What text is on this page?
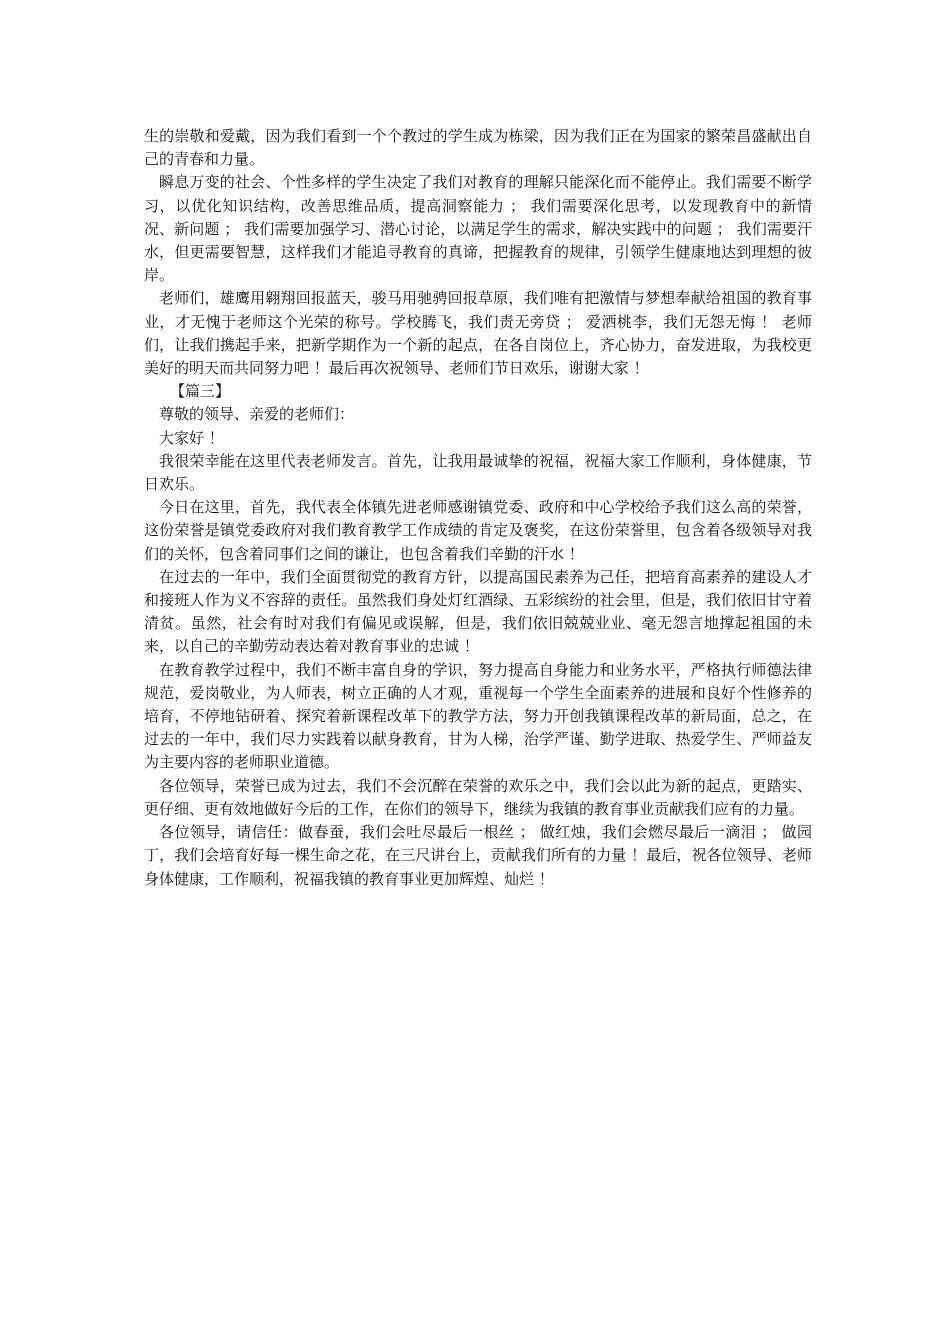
生的崇敬和爱戴，因为我们看到一个个教过的学生成为栋梁，因为我们正在为国家的繁荣昌盛献出自己的青春和力量。

瞬息万变的社会、个性多样的学生决定了我们对教育的理解只能深化而不能停止。我们需要不断学习，以优化知识结构，改善思维品质，提高洞察能力 ； 我们需要深化思考，以发现教育中的新情况、新问题 ； 我们需要加强学习、潜心讨论，以满足学生的需求，解决实践中的问题 ； 我们需要汗水，但更需要智慧，这样我们才能追寻教育的真谛，把握教育的规律，引领学生健康地达到理想的彼岸。

老师们，雄鹰用翱翔回报蓝天，骏马用驰骋回报草原，我们唯有把激情与梦想奉献给祖国的教育事业，才无愧于老师这个光荣的称号。学校腾飞，我们责无旁贷 ； 爱洒桃李，我们无怨无悔 ！ 老师们，让我们携起手来，把新学期作为一个新的起点，在各自岗位上，齐心协力，奋发进取，为我校更美好的明天而共同努力吧 ！最后再次祝领导、老师们节日欢乐，谢谢大家 ！

【篇三】

尊敬的领导、亲爱的老师们：

大家好 ！

我很荣幸能在这里代表老师发言。首先，让我用最诚挚的祝福，祝福大家工作顺利，身体健康，节日欢乐。

今日在这里，首先，我代表全体镇先进老师感谢镇党委、政府和中心学校给予我们这么高的荣誉，这份荣誉是镇党委政府对我们教育教学工作成绩的肯定及褒奖，在这份荣誉里，包含着各级领导对我们的关怀，包含着同事们之间的谦让，也包含着我们辛勤的汗水 ！

在过去的一年中，我们全面贯彻党的教育方针，以提高国民素养为己任，把培育高素养的建设人才和接班人作为义不容辞的责任。虽然我们身处灯红酒绿、五彩缤纷的社会里，但是，我们依旧甘守着清贫。虽然，社会有时对我们有偏见或误解，但是，我们依旧兢兢业业、毫无怨言地撑起祖国的未来，以自己的辛勤劳动表达着对教育事业的忠诚 ！

在教育教学过程中，我们不断丰富自身的学识，努力提高自身能力和业务水平，严格执行师德法律规范，爱岗敬业，为人师表，树立正确的人才观，重视每一个学生全面素养的进展和良好个性修养的培育，不停地钻研着、探究着新课程改革下的教学方法，努力开创我镇课程改革的新局面，总之，在过去的一年中，我们尽力实践着以献身教育，甘为人梯，治学严谨、勤学进取、热爱学生、严师益友为主要内容的老师职业道德。

各位领导，荣誉已成为过去，我们不会沉醉在荣誉的欢乐之中，我们会以此为新的起点，更踏实、更仔细、更有效地做好今后的工作，在你们的领导下，继续为我镇的教育事业贡献我们应有的力量。

各位领导，请信任：做春蚕，我们会吐尽最后一根丝 ； 做红烛，我们会燃尽最后一滴泪 ； 做园丁，我们会培育好每一棵生命之花，在三尺讲台上，贡献我们所有的力量 ！最后，祝各位领导、老师身体健康，工作顺利，祝福我镇的教育事业更加辉煌、灿烂 ！
